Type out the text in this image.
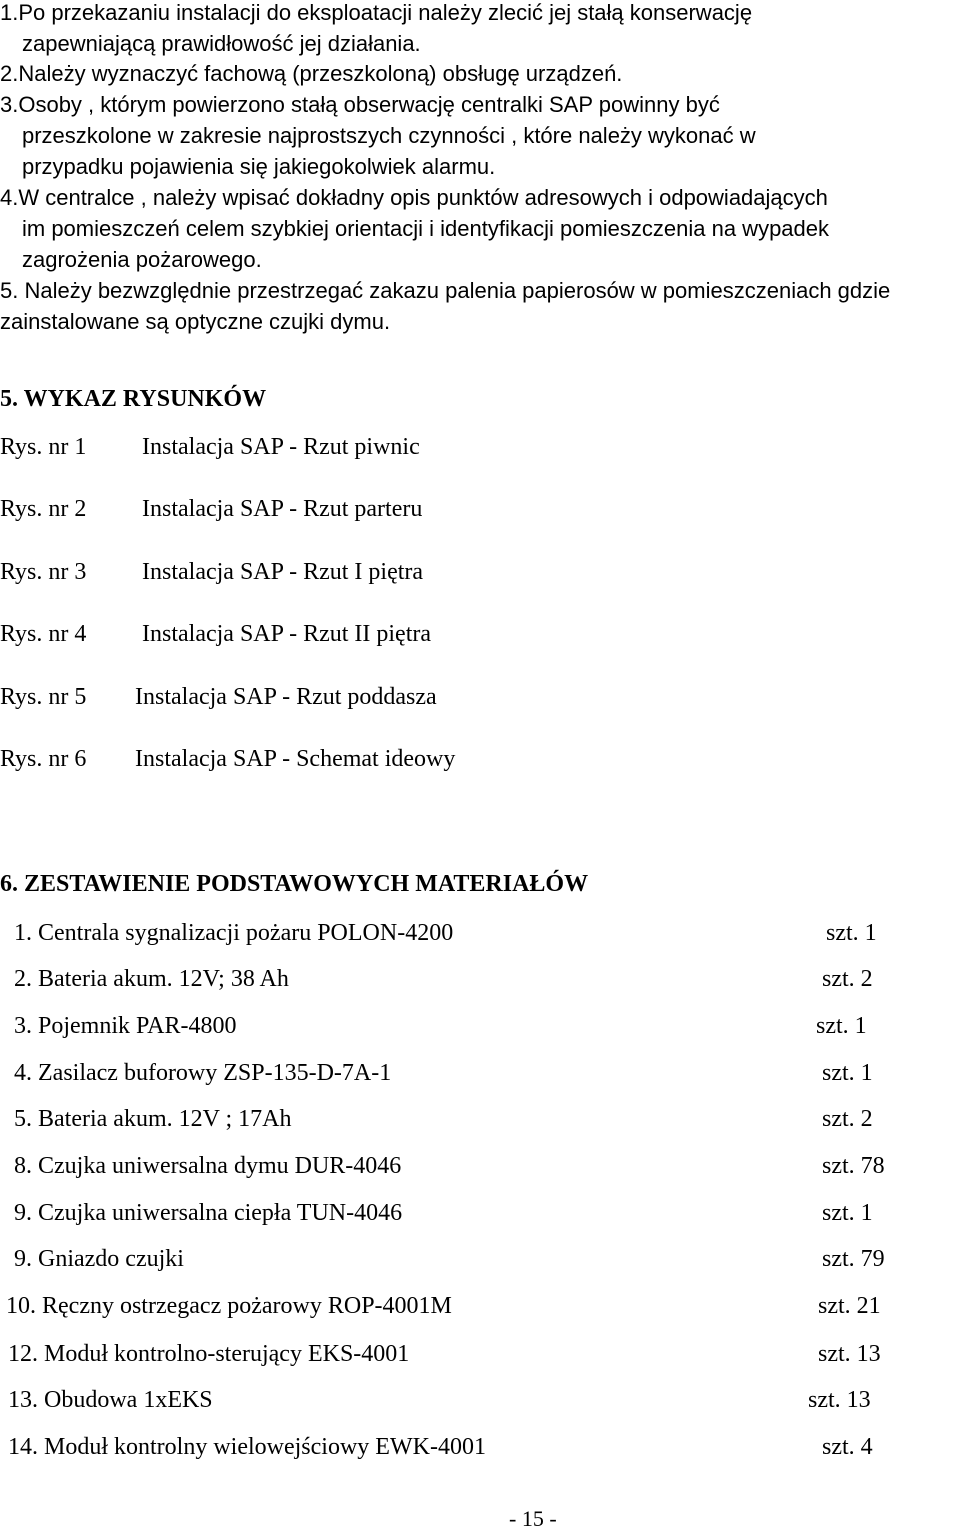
1.Po przekazaniu instalacji do eksploatacji należy zlecić jej stałą konserwację
zapewniającą prawidłowość jej działania.
2.Należy wyznaczyć fachową (przeszkoloną) obsługę urządzeń.
3.Osoby , którym powierzono stałą obserwację centralki SAP powinny być
przeszkolone w zakresie najprostszych czynności , które należy wykonać w
przypadku pojawienia się jakiegokolwiek alarmu.
4.W centralce , należy wpisać dokładny opis punktów adresowych i odpowiadających
im pomieszczeń celem szybkiej orientacji i identyfikacji pomieszczenia na wypadek
zagrożenia pożarowego.
5. Należy bezwzględnie przestrzegać zakazu palenia papierosów w pomieszczeniach gdzie
zainstalowane są optyczne czujki dymu.
5. WYKAZ RYSUNKÓW
Rys. nr 1 Instalacja SAP - Rzut piwnic
Rys. nr 2 Instalacja SAP - Rzut parteru
Rys. nr 3 Instalacja SAP - Rzut I piętra
Rys. nr 4 Instalacja SAP - Rzut II piętra
Rys. nr 5 Instalacja SAP - Rzut poddasza
Rys. nr 6 Instalacja SAP - Schemat ideowy
6. ZESTAWIENIE PODSTAWOWYCH MATERIAŁÓW
1. Centrala sygnalizacji pożaru POLON-4200	szt. 1
2. Bateria akum. 12V; 38 Ah	szt. 2
3. Pojemnik PAR-4800	szt. 1
4. Zasilacz buforowy ZSP-135-D-7A-1	szt. 1
5. Bateria akum. 12V ; 17Ah	szt. 2
8. Czujka uniwersalna dymu DUR-4046	szt. 78
9. Czujka uniwersalna ciepła TUN-4046	szt. 1
9. Gniazdo czujki	szt. 79
10. Ręczny ostrzegacz pożarowy ROP-4001M	szt. 21
12. Moduł kontrolno-sterujący EKS-4001	szt. 13
13. Obudowa 1xEKS	szt. 13
14. Moduł kontrolny wielowejściowy EWK-4001	szt. 4
- 15 -
